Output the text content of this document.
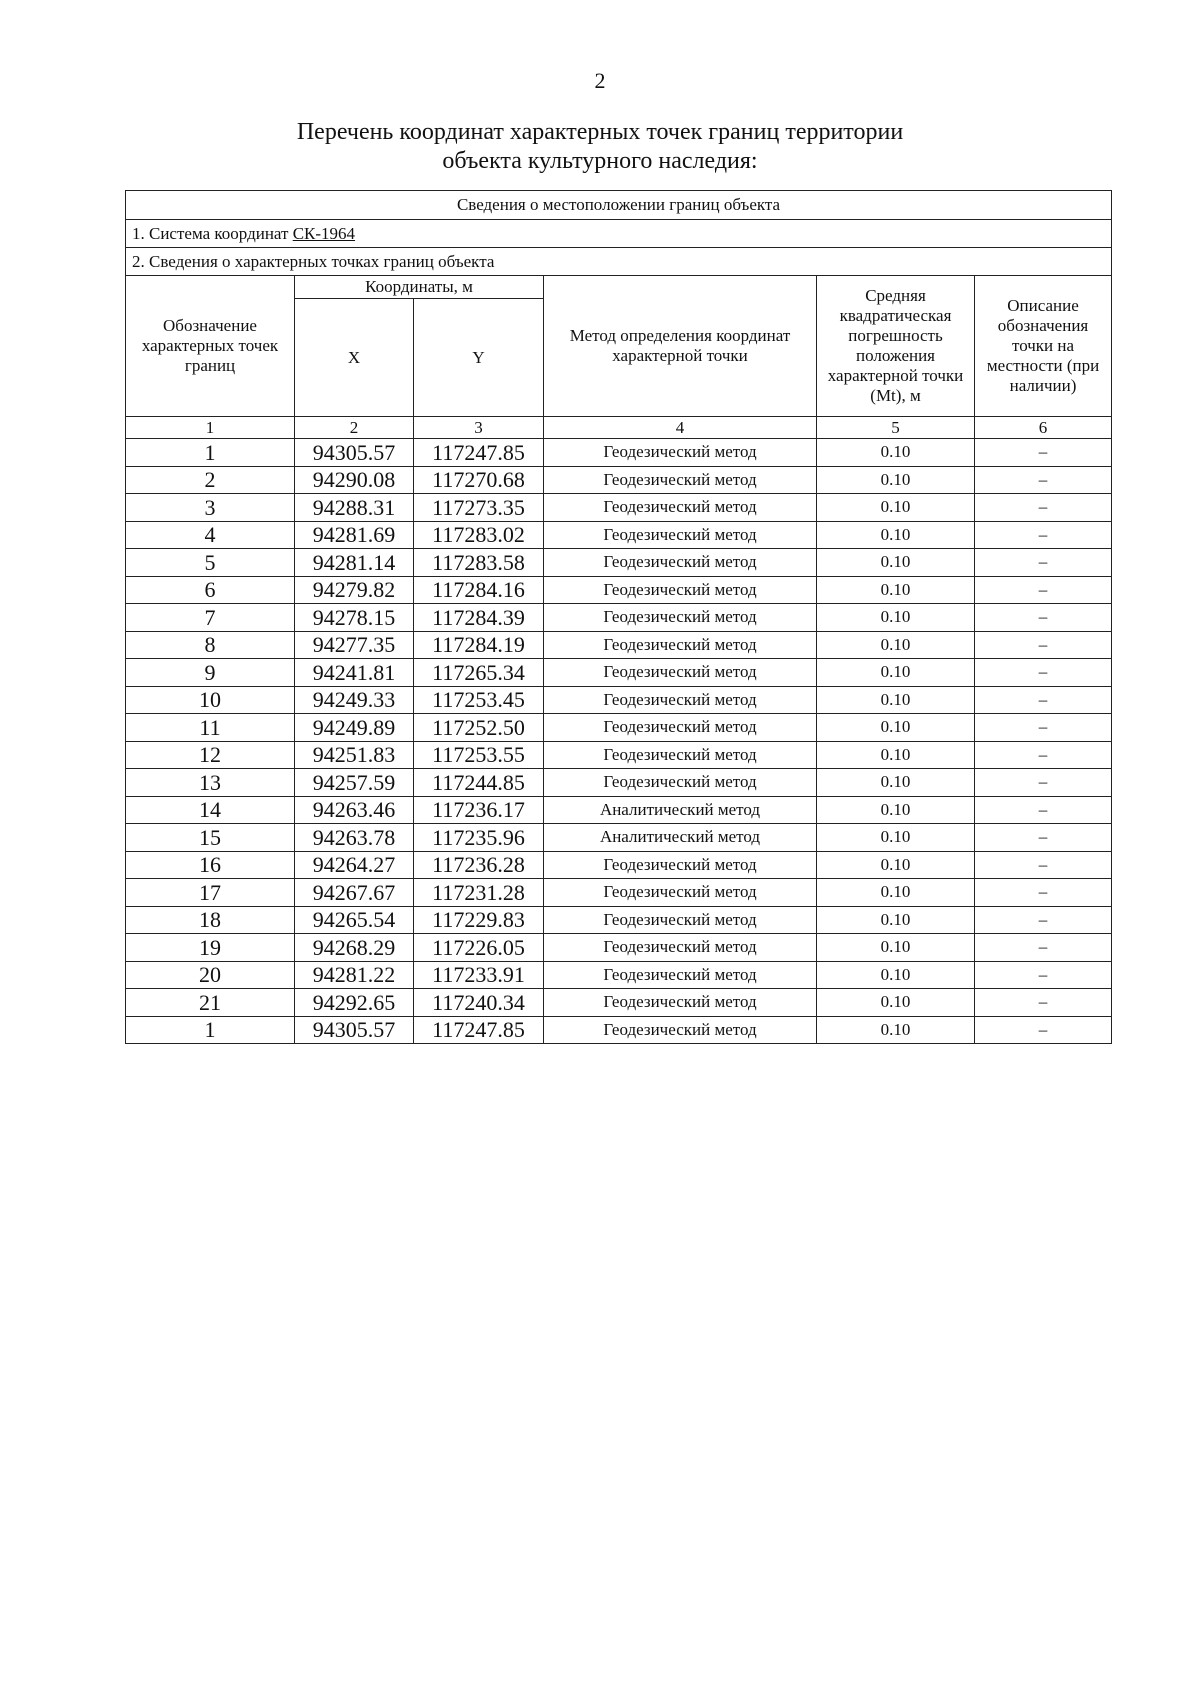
2
Перечень координат характерных точек границ территории
объекта культурного наследия:
Сведения о местоположении границ объекта					
1. Система координат СК-1964					
2. Сведения о характерных точках границ объекта					
Обозначение характерных точек границ	Координаты, м		Метод определения координат характерной точки	Средняя квадратическая погрешность положения характерной точки (Mt), м	Описание обозначения точки на местности (при наличии)
	X	Y			
1	2	3	4	5	6
1	94305.57	117247.85	Геодезический метод	0.10	–
2	94290.08	117270.68	Геодезический метод	0.10	–
3	94288.31	117273.35	Геодезический метод	0.10	–
4	94281.69	117283.02	Геодезический метод	0.10	–
5	94281.14	117283.58	Геодезический метод	0.10	–
6	94279.82	117284.16	Геодезический метод	0.10	–
7	94278.15	117284.39	Геодезический метод	0.10	–
8	94277.35	117284.19	Геодезический метод	0.10	–
9	94241.81	117265.34	Геодезический метод	0.10	–
10	94249.33	117253.45	Геодезический метод	0.10	–
11	94249.89	117252.50	Геодезический метод	0.10	–
12	94251.83	117253.55	Геодезический метод	0.10	–
13	94257.59	117244.85	Геодезический метод	0.10	–
14	94263.46	117236.17	Аналитический метод	0.10	–
15	94263.78	117235.96	Аналитический метод	0.10	–
16	94264.27	117236.28	Геодезический метод	0.10	–
17	94267.67	117231.28	Геодезический метод	0.10	–
18	94265.54	117229.83	Геодезический метод	0.10	–
19	94268.29	117226.05	Геодезический метод	0.10	–
20	94281.22	117233.91	Геодезический метод	0.10	–
21	94292.65	117240.34	Геодезический метод	0.10	–
1	94305.57	117247.85	Геодезический метод	0.10	–
